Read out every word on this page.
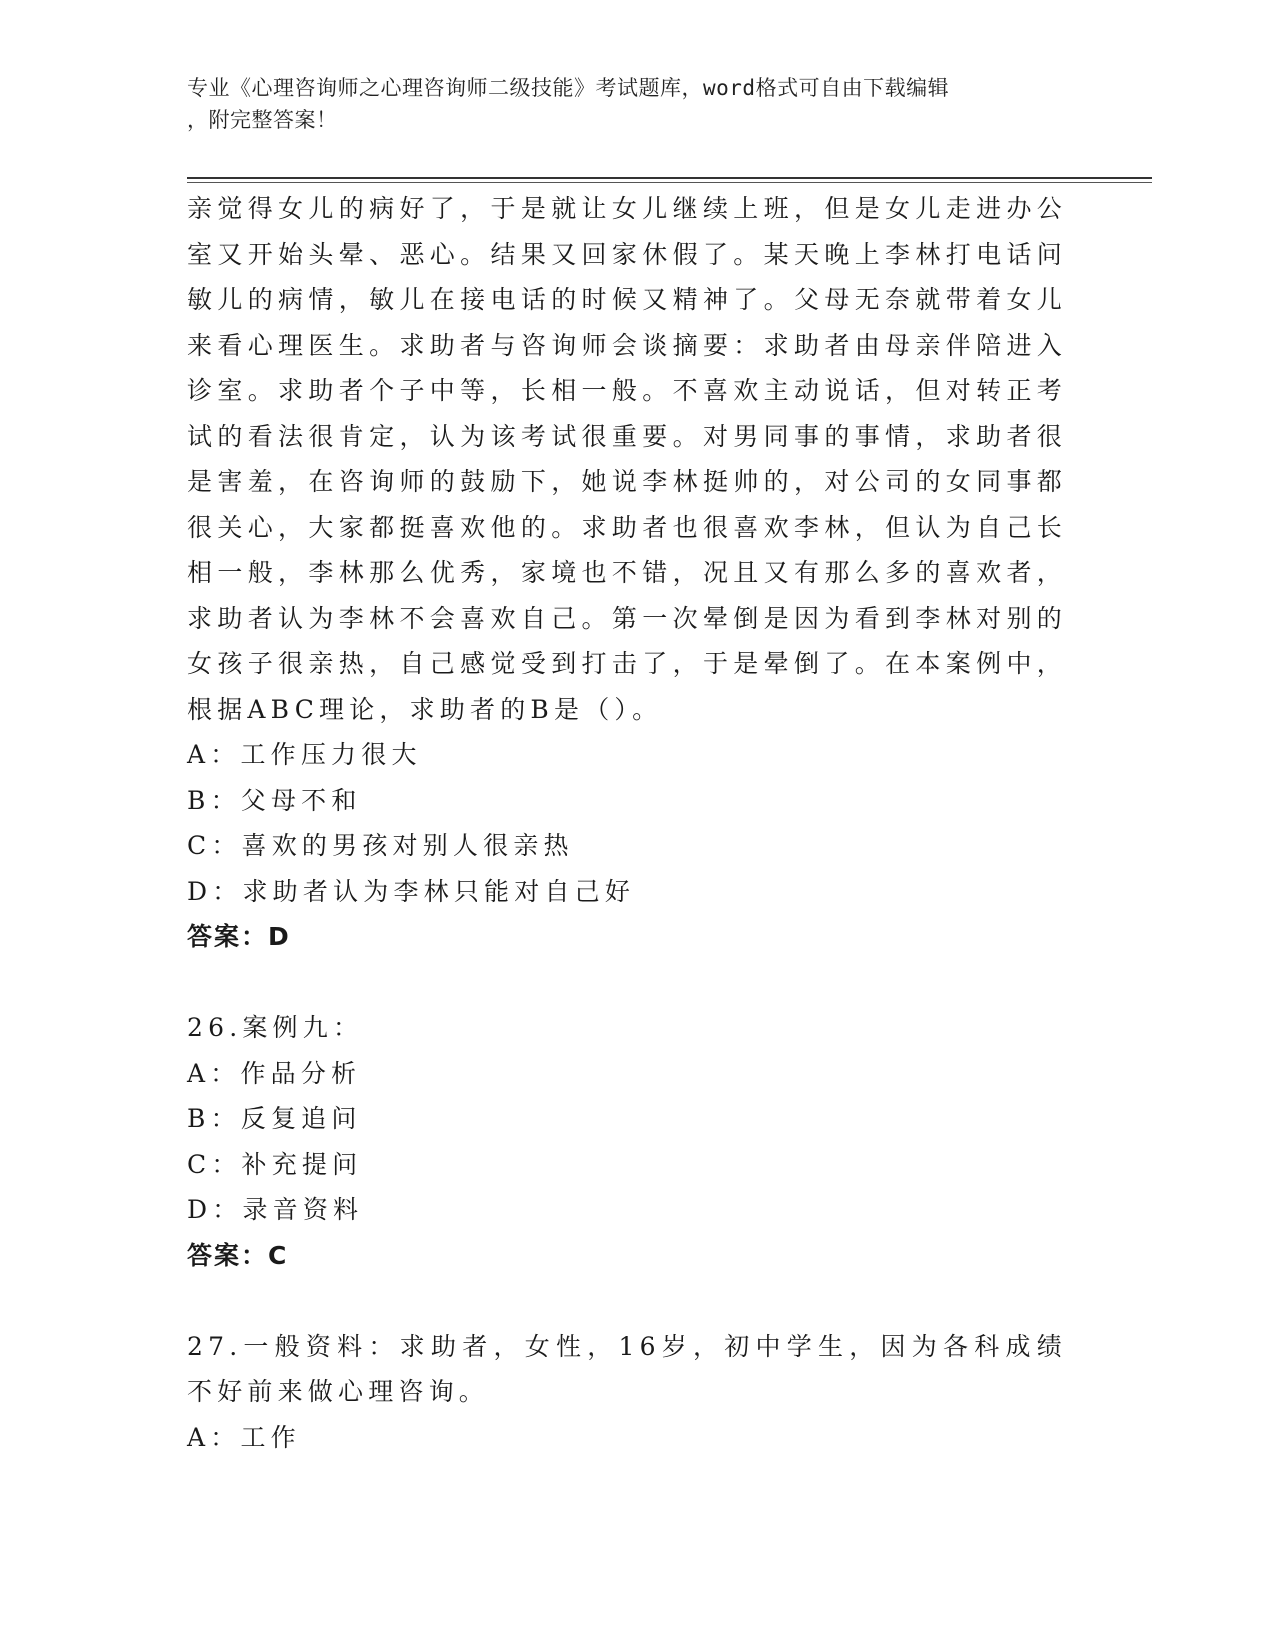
专业《心理咨询师之心理咨询师二级技能》考试题库，word格式可自由下载编辑
，附完整答案！

亲觉得女儿的病好了，于是就让女儿继续上班，但是女儿走进办公室又开始头晕、恶心。结果又回家休假了。某天晚上李林打电话问敏儿的病情，敏儿在接电话的时候又精神了。父母无奈就带着女儿来看心理医生。求助者与咨询师会谈摘要：求助者由母亲伴陪进入诊室。求助者个子中等，长相一般。不喜欢主动说话，但对转正考试的看法很肯定，认为该考试很重要。对男同事的事情，求助者很是害羞，在咨询师的鼓励下，她说李林挺帅的，对公司的女同事都很关心，大家都挺喜欢他的。求助者也很喜欢李林，但认为自己长相一般，李林那么优秀，家境也不错，况且又有那么多的喜欢者，求助者认为李林不会喜欢自己。第一次晕倒是因为看到李林对别的女孩子很亲热，自己感觉受到打击了，于是晕倒了。在本案例中，根据ABC理论，求助者的B是（）。

A：工作压力很大

B：父母不和

C：喜欢的男孩对别人很亲热

D：求助者认为李林只能对自己好

答案：D

26.案例九：

A：作品分析

B：反复追问

C：补充提问

D：录音资料

答案：C

27.一般资料：求助者，女性，16岁，初中学生，因为各科成绩不好前来做心理咨询。

A：工作
